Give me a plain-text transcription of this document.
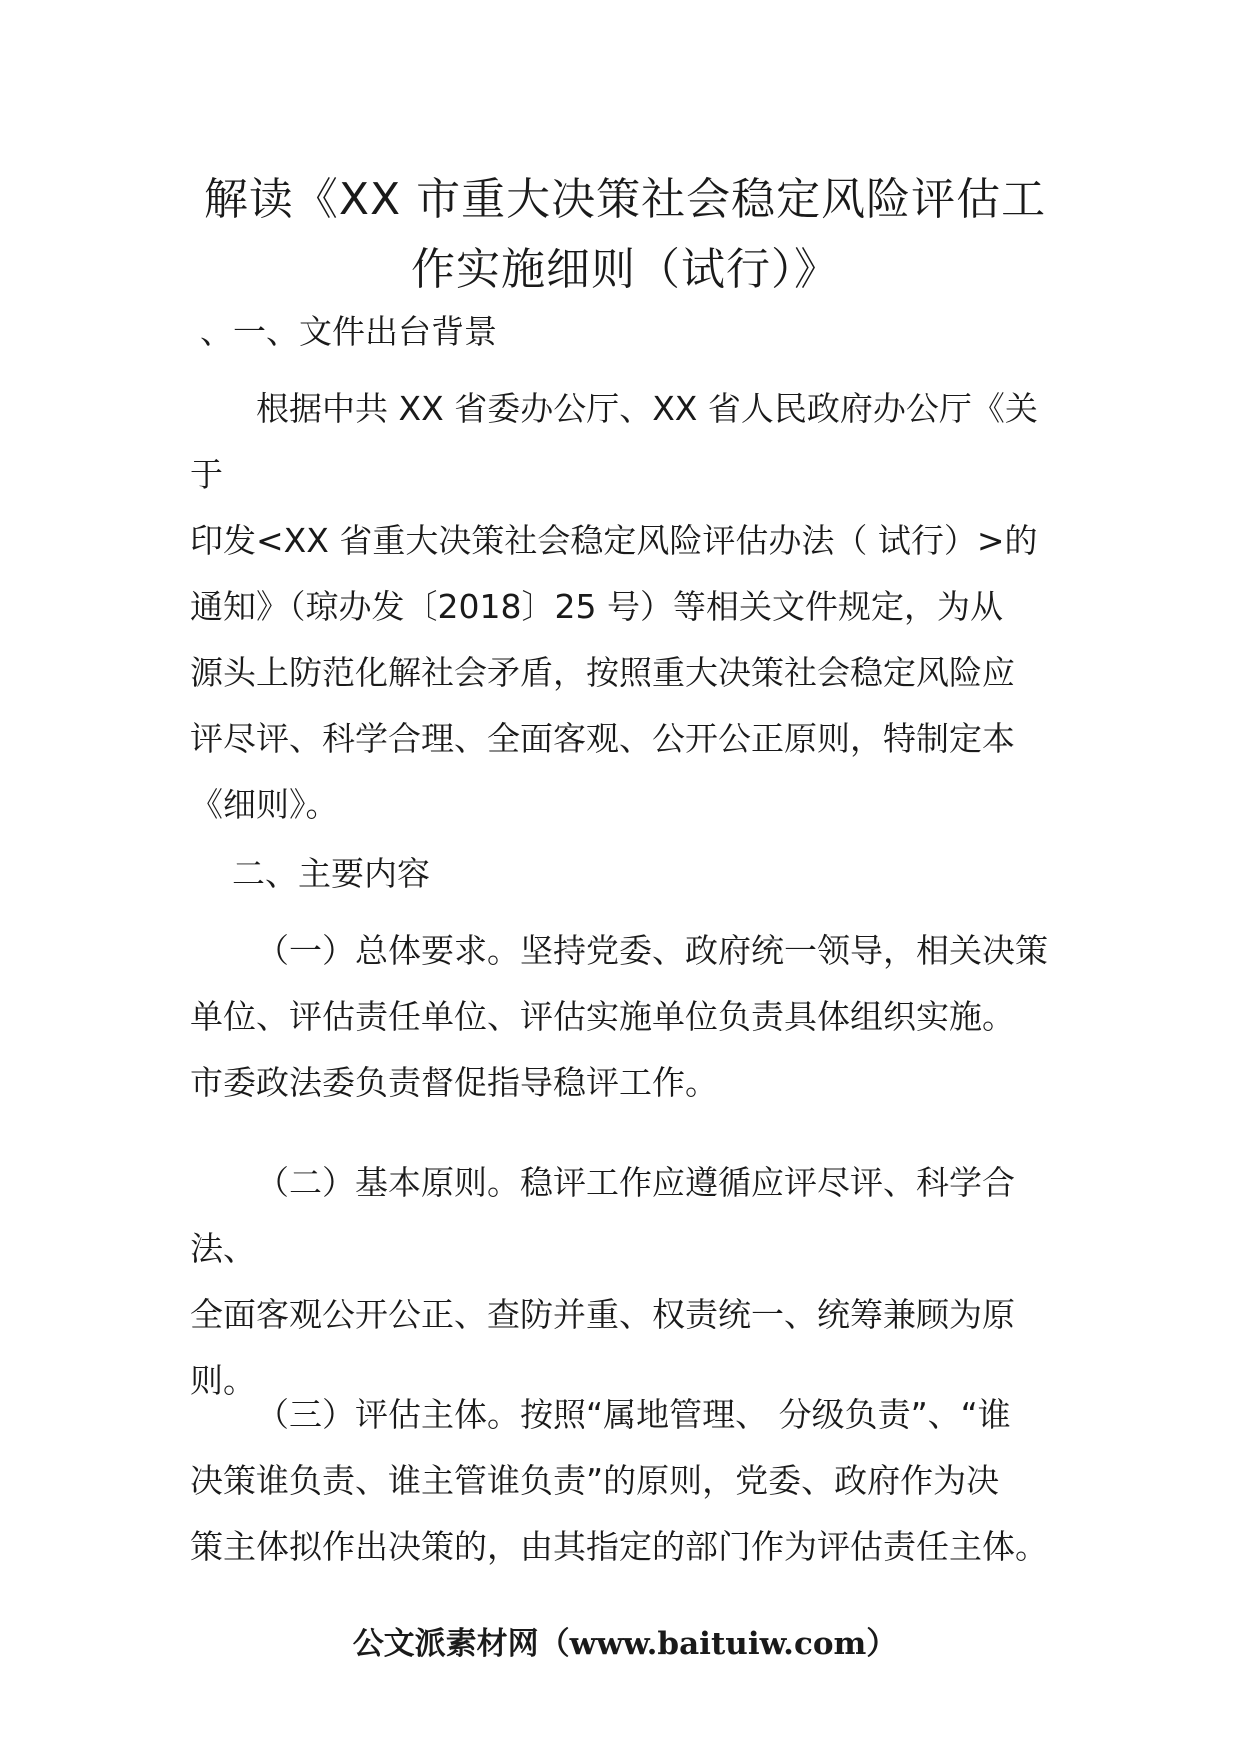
解读《XX 市重大决策社会稳定风险评估工
作实施细则（试行）》
、一、文件出台背景

根据中共 XX 省委办公厅、XX 省人民政府办公厅《关于
印发<XX 省重大决策社会稳定风险评估办法（ 试行）>的
通知》（琼办发〔2018〕25 号）等相关文件规定，为从
源头上防范化解社会矛盾，按照重大决策社会稳定风险应
评尽评、科学合理、全面客观、公开公正原则，特制定本
《细则》。

二、主要内容

（一）总体要求。坚持党委、政府统一领导，相关决策
单位、评估责任单位、评估实施单位负责具体组织实施。
市委政法委负责督促指导稳评工作。

（二）基本原则。稳评工作应遵循应评尽评、科学合法、
全面客观公开公正、查防并重、权责统一、统筹兼顾为原
则。

（三）评估主体。按照“属地管理、 分级负责”、“谁
决策谁负责、谁主管谁负责”的原则，党委、政府作为决
策主体拟作出决策的，由其指定的部门作为评估责任主体。

公文派素材网（www.baituiw.com）
